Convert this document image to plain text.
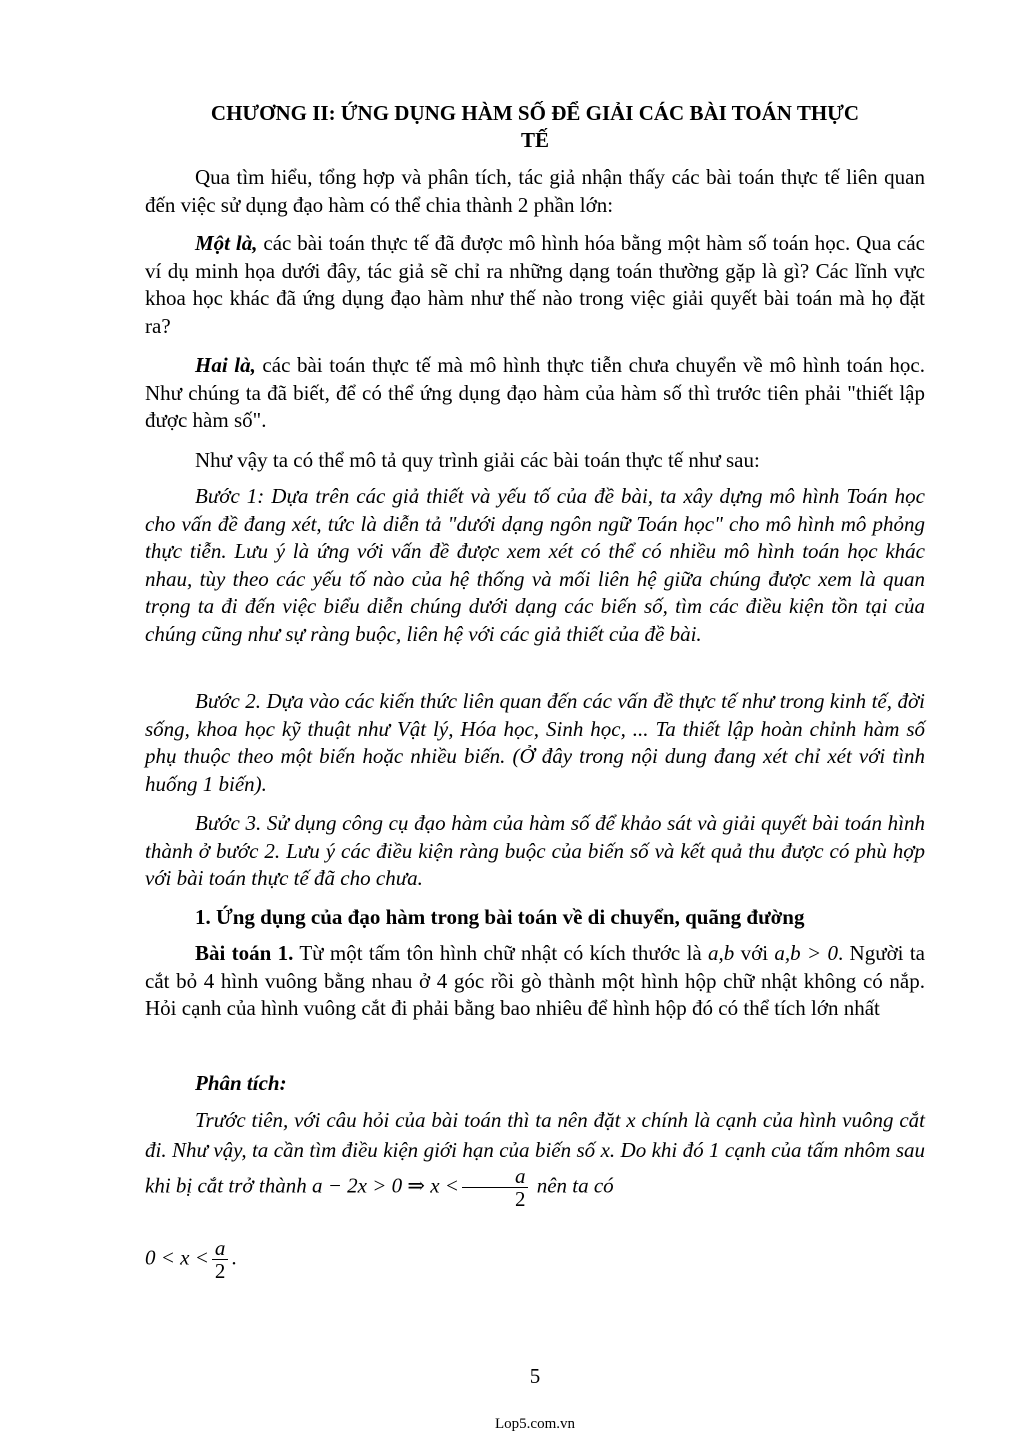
CHƯƠNG II: ỨNG DỤNG HÀM SỐ ĐỂ GIẢI CÁC BÀI TOÁN THỰC
TẾ

Qua tìm hiểu, tổng hợp và phân tích, tác giả nhận thấy các bài toán thực tế liên quan đến việc sử dụng đạo hàm có thể chia thành 2 phần lớn:

Một là, các bài toán thực tế đã được mô hình hóa bằng một hàm số toán học. Qua các ví dụ minh họa dưới đây, tác giả sẽ chỉ ra những dạng toán thường gặp là gì? Các lĩnh vực khoa học khác đã ứng dụng đạo hàm như thế nào trong việc giải quyết bài toán mà họ đặt ra?

Hai là, các bài toán thực tế mà mô hình thực tiễn chưa chuyển về mô hình toán học. Như chúng ta đã biết, để có thể ứng dụng đạo hàm của hàm số thì trước tiên phải "thiết lập được hàm số".

Như vậy ta có thể mô tả quy trình giải các bài toán thực tế như sau:

Bước 1: Dựa trên các giả thiết và yếu tố của đề bài, ta xây dựng mô hình Toán học cho vấn đề đang xét, tức là diễn tả "dưới dạng ngôn ngữ Toán học" cho mô hình mô phỏng thực tiễn. Lưu ý là ứng với vấn đề được xem xét có thể có nhiều mô hình toán học khác nhau, tùy theo các yếu tố nào của hệ thống và mối liên hệ giữa chúng được xem là quan trọng ta đi đến việc biểu diễn chúng dưới dạng các biến số, tìm các điều kiện tồn tại của chúng cũng như sự ràng buộc, liên hệ với các giả thiết của đề bài.

Bước 2. Dựa vào các kiến thức liên quan đến các vấn đề thực tế như trong kinh tế, đời sống, khoa học kỹ thuật như Vật lý, Hóa học, Sinh học, ... Ta thiết lập hoàn chỉnh hàm số phụ thuộc theo một biến hoặc nhiều biến. (Ở đây trong nội dung đang xét chỉ xét với tình huống 1 biến).

Bước 3. Sử dụng công cụ đạo hàm của hàm số để khảo sát và giải quyết bài toán hình thành ở bước 2. Lưu ý các điều kiện ràng buộc của biến số và kết quả thu được có phù hợp với bài toán thực tế đã cho chưa.

1. Ứng dụng của đạo hàm trong bài toán về di chuyển, quãng đường

Bài toán 1. Từ một tấm tôn hình chữ nhật có kích thước là a,b với a,b > 0. Người ta cắt bỏ 4 hình vuông bằng nhau ở 4 góc rồi gò thành một hình hộp chữ nhật không có nắp. Hỏi cạnh của hình vuông cắt đi phải bằng bao nhiêu để hình hộp đó có thể tích lớn nhất

Phân tích:

Trước tiên, với câu hỏi của bài toán thì ta nên đặt x chính là cạnh của hình vuông cắt đi. Như vậy, ta cần tìm điều kiện giới hạn của biến số x. Do khi đó 1 cạnh của tấm nhôm sau khi bị cắt trở thành a − 2x > 0 ⇒ $x < \frac{a}{2}$ nên ta có

$0 < x < \frac{a}{2}$ .

5

Lop5.com.vn
